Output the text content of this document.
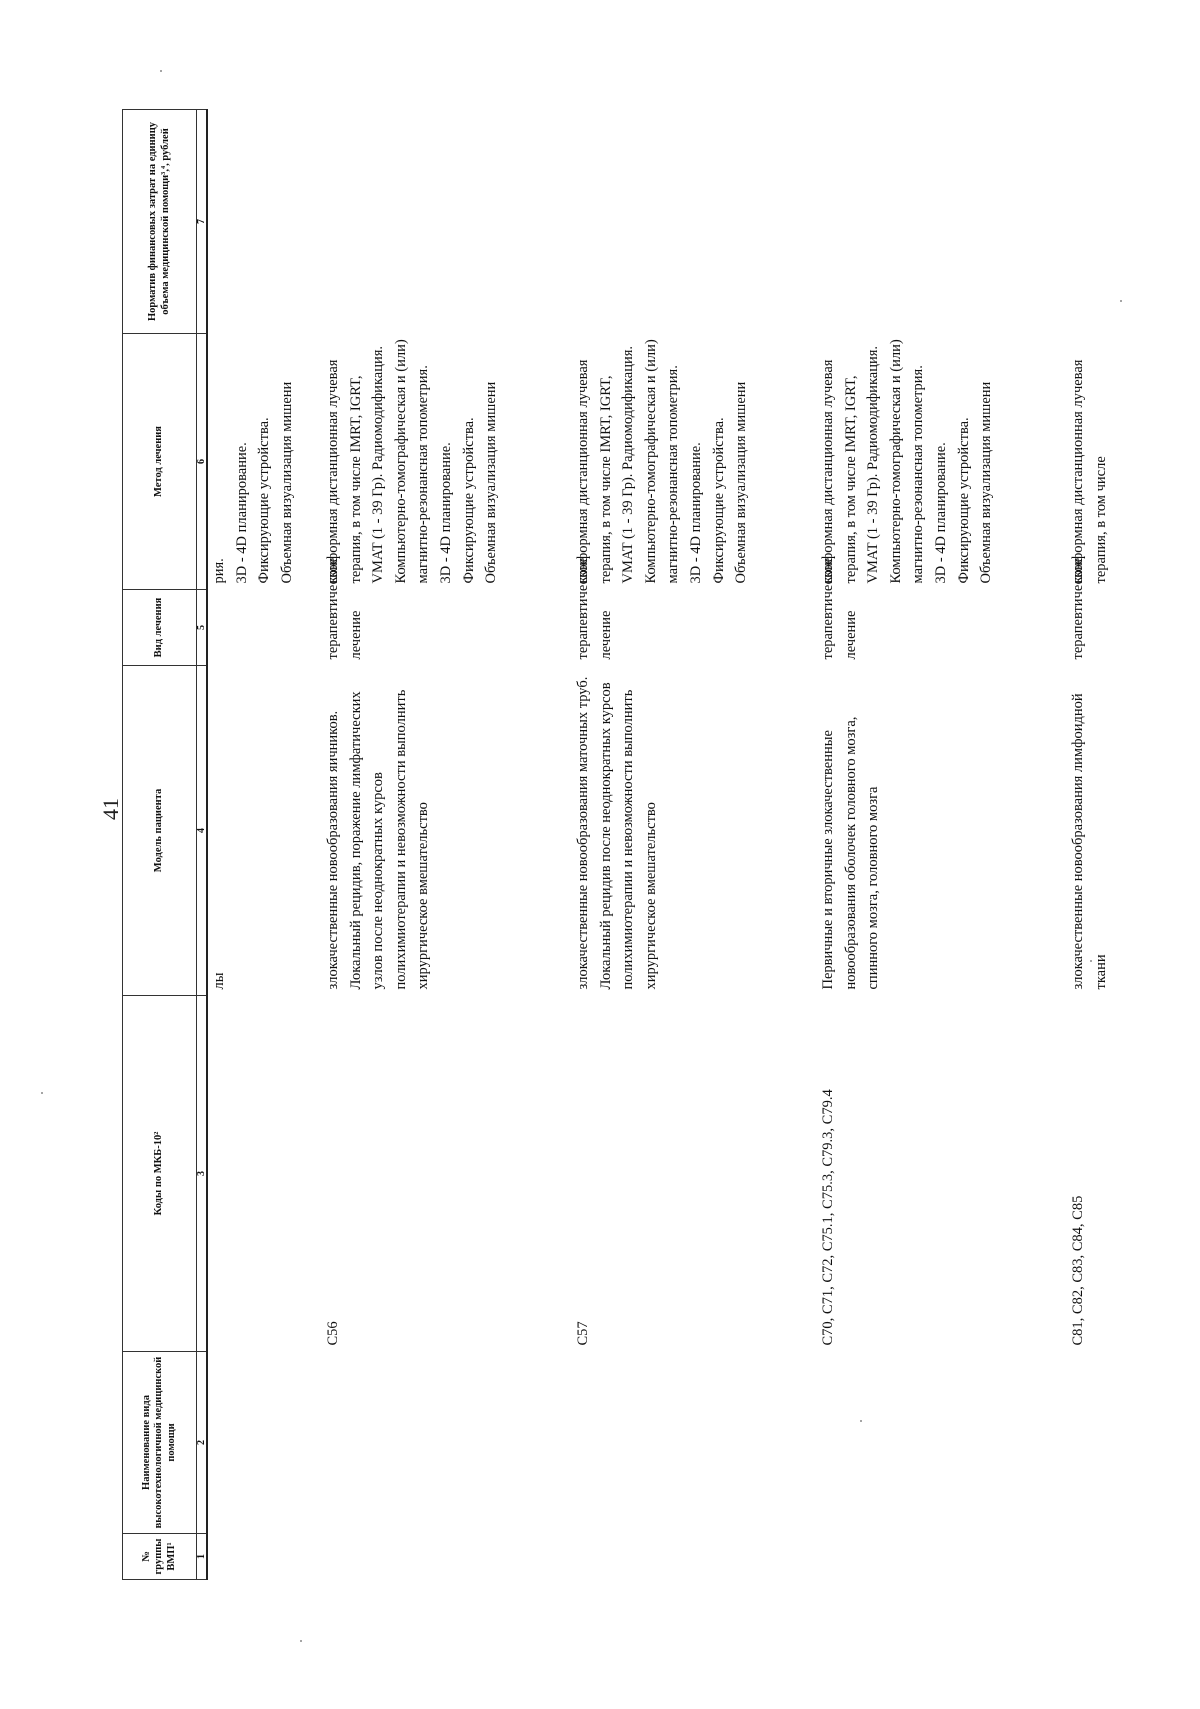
41
№ группы ВМП¹	Наименование вида высокотехнологичной медицинской помощи	Коды по МКБ-10²	Модель пациента	Вид лечения	Метод лечения	Норматив финансовых затрат на единицу объема медицинской помощи³,⁴, рублей
1	2	3	4	5	6	7
			лы		рия.
3D - 4D планирование.
Фиксирующие устройства.
Объемная визуализация мишени	
		C56	злокачественные новообразования яичников. Локальный рецидив, поражение лимфатических узлов после неоднократных курсов полихимиотерапии и невозможности выполнить хирургическое вмешательство	терапевтическое лечение	конформная дистанционная лучевая терапия, в том числе IMRT, IGRT, VMAT (1 - 39 Гр). Радиомодификация. Компьютерно-томографическая и (или) магнитно-резонансная топометрия.
3D - 4D планирование.
Фиксирующие устройства.
Объемная визуализация мишени	
		C57	злокачественные новообразования маточных труб. Локальный рецидив после неоднократных курсов полихимиотерапии и невозможности выполнить хирургическое вмешательство	терапевтическое лечение	конформная дистанционная лучевая терапия, в том числе IMRT, IGRT, VMAT (1 - 39 Гр). Радиомодификация. Компьютерно-томографическая и (или) магнитно-резонансная топометрия.
3D - 4D планирование.
Фиксирующие устройства.
Объемная визуализация мишени	
		C70, C71, C72, C75.1, C75.3, C79.3, C79.4	Первичные и вторичные злокачественные новообразования оболочек головного мозга, спинного мозга, головного мозга	терапевтическое лечение	конформная дистанционная лучевая терапия, в том числе IMRT, IGRT, VMAT (1 - 39 Гр). Радиомодификация. Компьютерно-томографическая и (или) магнитно-резонансная топометрия.
3D - 4D планирование.
Фиксирующие устройства.
Объемная визуализация мишени	
		C81, C82, C83, C84, C85	злокачественные новообразования лимфоидной ткани	терапевтическое	конформная дистанционная лучевая терапия, в том числе	
